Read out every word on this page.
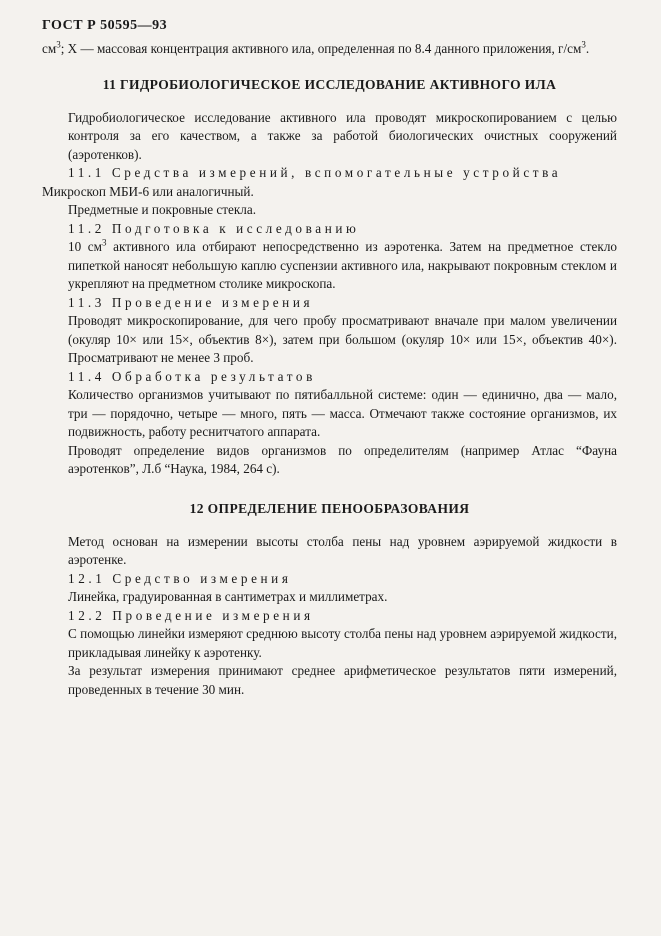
ГОСТ Р 50595—93

$см^3$; X — массовая концентрация активного ила, определенная по 8.4 данного приложения, $г/см^3$.

11 ГИДРОБИОЛОГИЧЕСКОЕ ИССЛЕДОВАНИЕ АКТИВНОГО ИЛА

Гидробиологическое исследование активного ила проводят микроскопированием с целью контроля за его качеством, а также за работой биологических очистных сооружений (аэротенков).

11.1 Средства измерений, вспомогательные устройства

Микроскоп МБИ-6 или аналогичный.

Предметные и покровные стекла.

11.2 Подготовка к исследованию

10 $см^3$ активного ила отбирают непосредственно из аэротенка. Затем на предметное стекло пипеткой наносят небольшую каплю суспензии активного ила, накрывают покровным стеклом и укрепляют на предметном столике микроскопа.

11.3 Проведение измерения

Проводят микроскопирование, для чего пробу просматривают вначале при малом увеличении (окуляр 10× или 15×, объектив 8×), затем при большом (окуляр 10× или 15×, объектив 40×). Просматривают не менее 3 проб.

11.4 Обработка результатов

Количество организмов учитывают по пятибалльной системе: один — единично, два — мало, три — порядочно, четыре — много, пять — масса. Отмечают также состояние организмов, их подвижность, работу реснитчатого аппарата.

Проводят определение видов организмов по определителям (например Атлас “Фауна аэротенков”, Л.б “Наука, 1984, 264 с).

12 ОПРЕДЕЛЕНИЕ ПЕНООБРАЗОВАНИЯ

Метод основан на измерении высоты столба пены над уровнем аэрируемой жидкости в аэротенке.

12.1 Средство измерения

Линейка, градуированная в сантиметрах и миллиметрах.

12.2 Проведение измерения

С помощью линейки измеряют среднюю высоту столба пены над уровнем аэрируемой жидкости, прикладывая линейку к аэротенку.

За результат измерения принимают среднее арифметическое результатов пяти измерений, проведенных в течение 30 мин.
